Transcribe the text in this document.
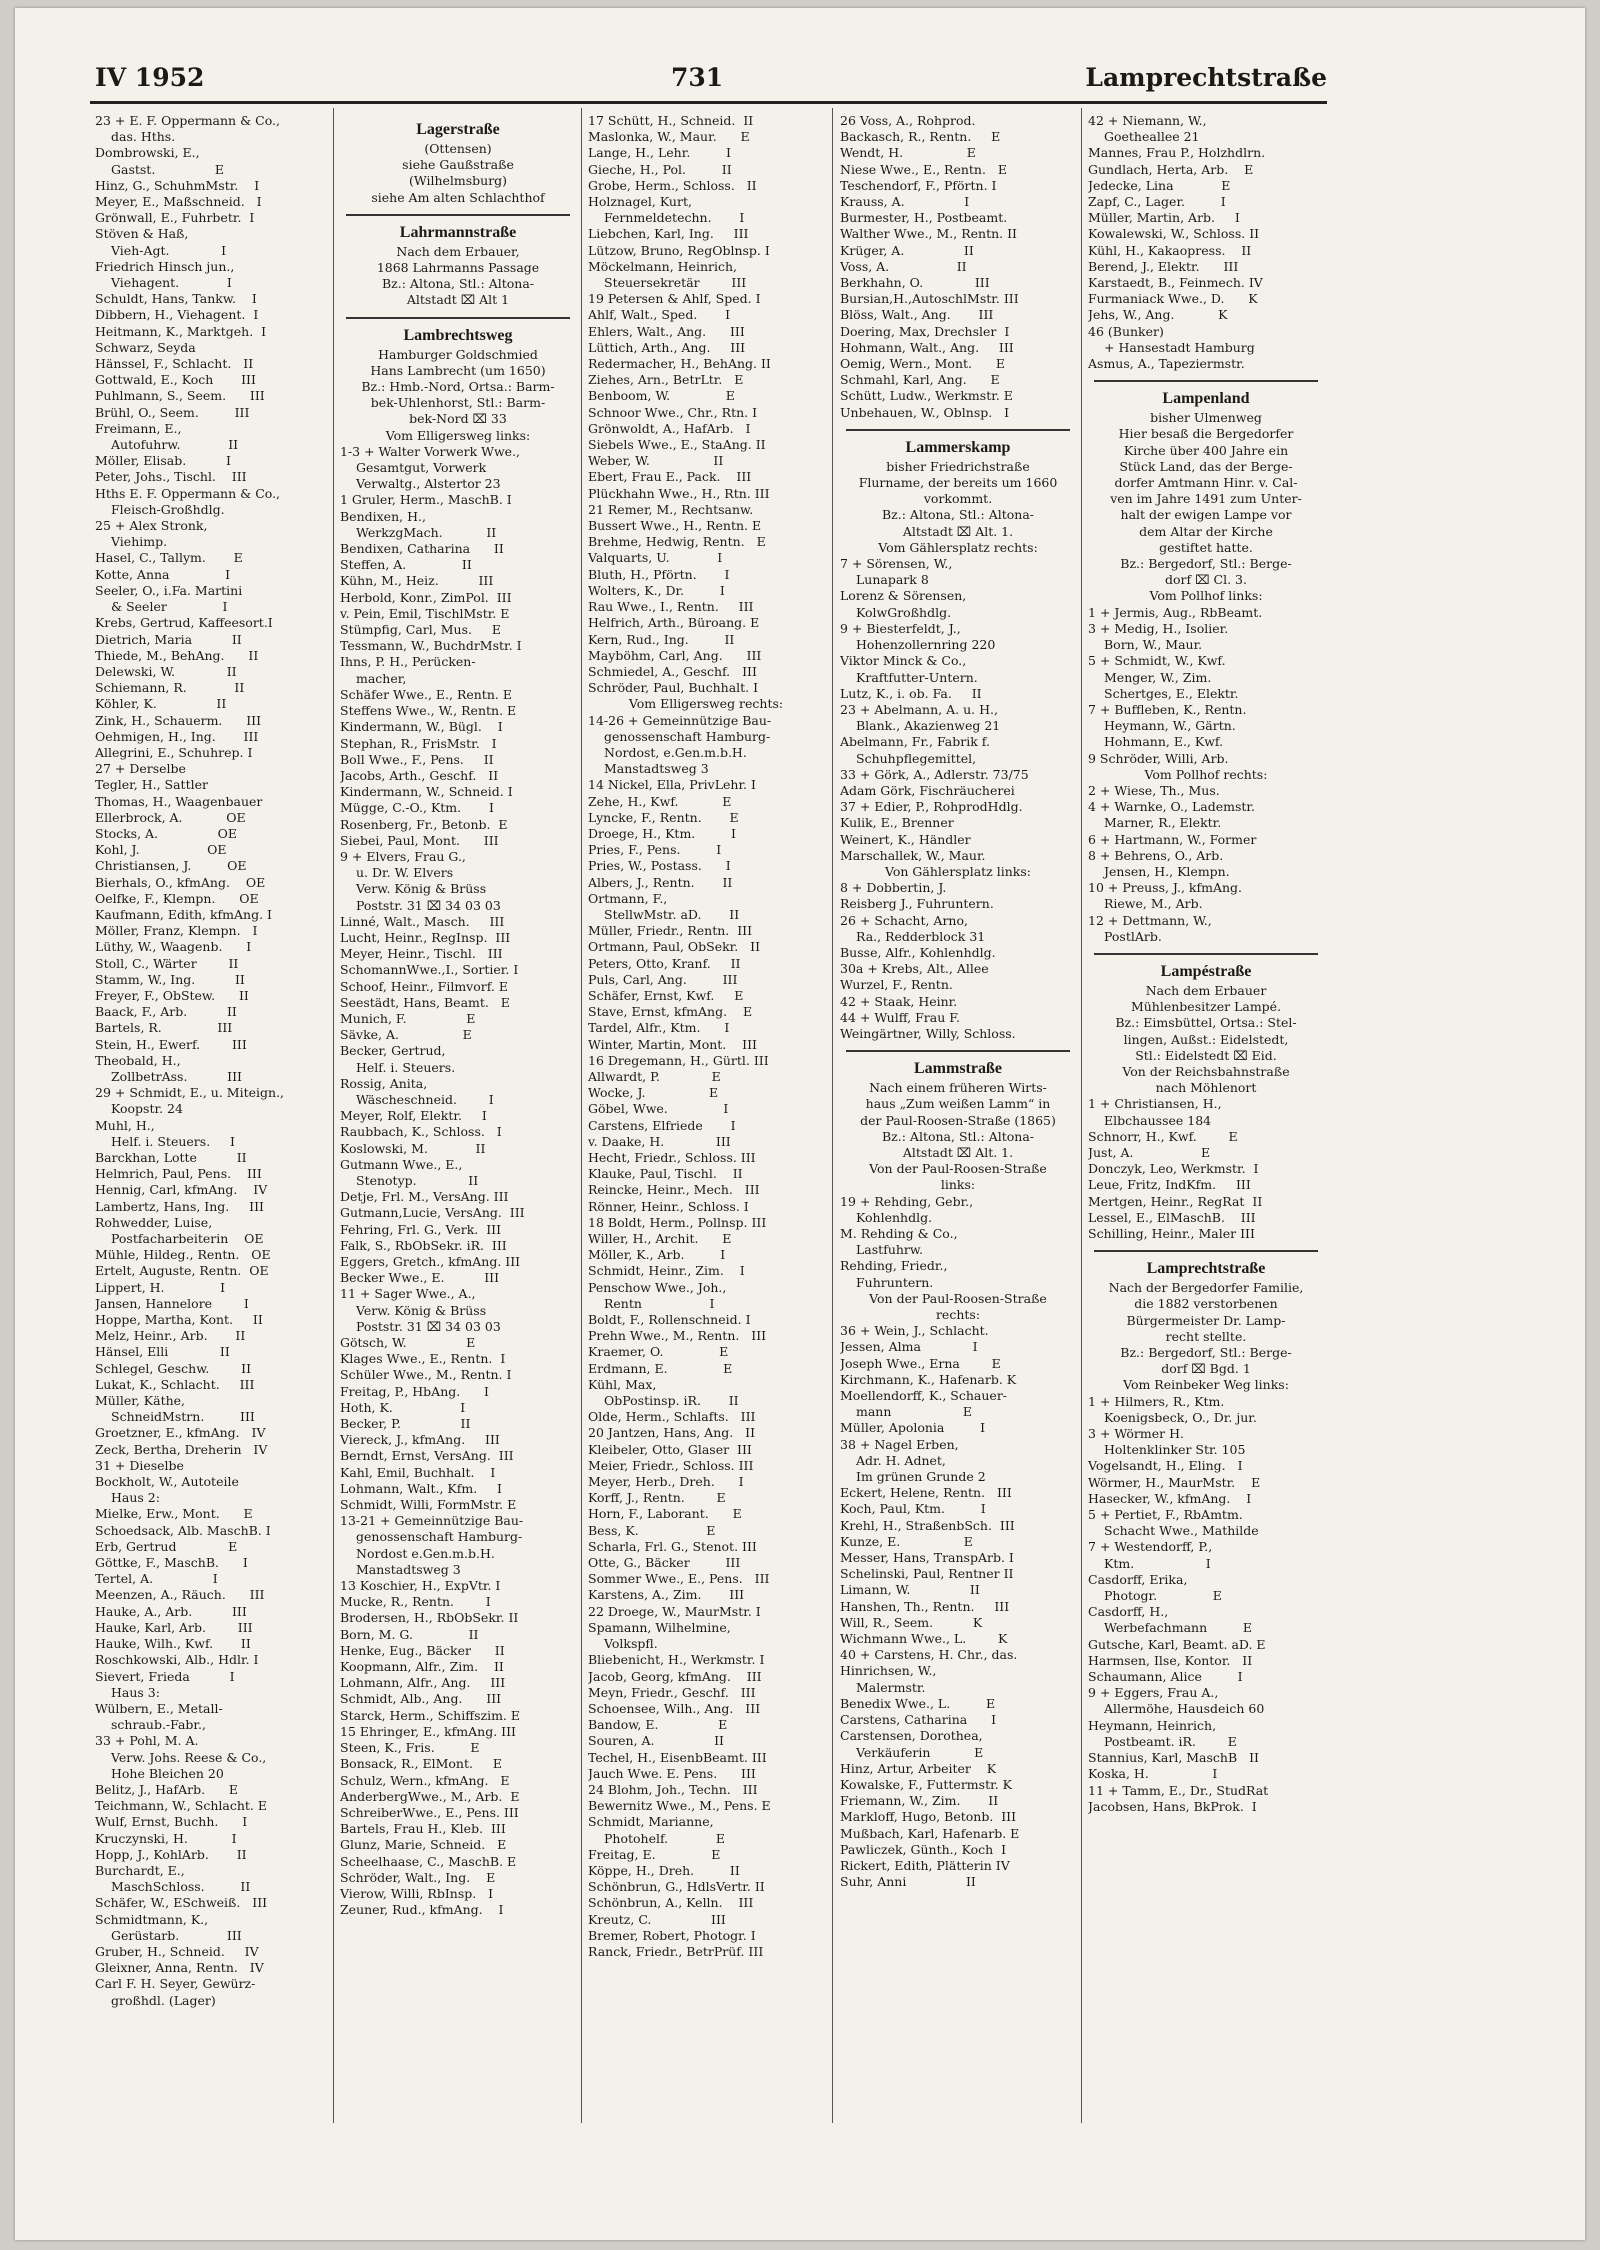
IV 1952	731	Lamprechtstraße
23 + E. F. Oppermann & Co.,
das. Hths.
Dombrowski, E.,
Gastst.               E
Hinz, G., SchuhmMstr.    I
Meyer, E., Maßschneid.   I
Grönwall, E., Fuhrbetr.  I
Stöven & Haß,
Vieh-Agt.             I
Friedrich Hinsch jun.,
Viehagent.            I
Schuldt, Hans, Tankw.    I
Dibbern, H., Viehagent.  I
Heitmann, K., Marktgeh.  I
Schwarz, Seyda
Hänssel, F., Schlacht.   II
Gottwald, E., Koch       III
Puhlmann, S., Seem.      III
Brühl, O., Seem.         III
Freimann, E.,
Autofuhrw.            II
Möller, Elisab.          I
Peter, Johs., Tischl.    III
Hths E. F. Oppermann & Co.,
Fleisch-Großhdlg.
25 + Alex Stronk,
Viehimp.
Hasel, C., Tallym.       E
Kotte, Anna              I
Seeler, O., i.Fa. Martini
& Seeler              I
Krebs, Gertrud, Kaffeesort.I
Dietrich, Maria          II
Thiede, M., BehAng.      II
Delewski, W.             II
Schiemann, R.            II
Köhler, K.               II
Zink, H., Schauerm.      III
Oehmigen, H., Ing.       III
Allegrini, E., Schuhrep. I
27 + Derselbe
Tegler, H., Sattler
Thomas, H., Waagenbauer
Ellerbrock, A.           OE
Stocks, A.               OE
Kohl, J.                 OE
Christiansen, J.         OE
Bierhals, O., kfmAng.    OE
Oelfke, F., Klempn.      OE
Kaufmann, Edith, kfmAng. I
Möller, Franz, Klempn.   I
Lüthy, W., Waagenb.      I
Stoll, C., Wärter        II
Stamm, W., Ing.          II
Freyer, F., ObStew.      II
Baack, F., Arb.          II
Bartels, R.              III
Stein, H., Ewerf.        III
Theobald, H.,
ZollbetrAss.          III
29 + Schmidt, E., u. Miteign.,
Koopstr. 24
Muhl, H.,
Helf. i. Steuers.     I
Barckhan, Lotte          II
Helmrich, Paul, Pens.    III
Hennig, Carl, kfmAng.    IV
Lambertz, Hans, Ing.     III
Rohwedder, Luise,
Postfacharbeiterin    OE
Mühle, Hildeg., Rentn.   OE
Ertelt, Auguste, Rentn.  OE
Lippert, H.              I
Jansen, Hannelore        I
Hoppe, Martha, Kont.     II
Melz, Heinr., Arb.       II
Hänsel, Elli             II
Schlegel, Geschw.        II
Lukat, K., Schlacht.     III
Müller, Käthe,
SchneidMstrn.         III
Groetzner, E., kfmAng.   IV
Zeck, Bertha, Dreherin   IV
31 + Dieselbe
Bockholt, W., Autoteile
Haus 2:
Mielke, Erw., Mont.      E
Schoedsack, Alb. MaschB. I
Erb, Gertrud             E
Göttke, F., MaschB.      I
Tertel, A.               I
Meenzen, A., Räuch.      III
Hauke, A., Arb.          III
Hauke, Karl, Arb.        III
Hauke, Wilh., Kwf.       II
Roschkowski, Alb., Hdlr. I
Sievert, Frieda          I
Haus 3:
Wülbern, E., Metall-
schraub.-Fabr.,
33 + Pohl, M. A.
Verw. Johs. Reese & Co.,
Hohe Bleichen 20
Belitz, J., HafArb.      E
Teichmann, W., Schlacht. E
Wulf, Ernst, Buchh.      I
Kruczynski, H.           I
Hopp, J., KohlArb.       II
Burchardt, E.,
MaschSchloss.         II
Schäfer, W., ESchweiß.   III
Schmidtmann, K.,
Gerüstarb.            III
Gruber, H., Schneid.     IV
Gleixner, Anna, Rentn.   IV
Carl F. H. Seyer, Gewürz-
großhdl. (Lager)
Lagerstraße
(Ottensen)
siehe Gaußstraße
(Wilhelmsburg)
siehe Am alten Schlachthof
Lahrmannstraße
Nach dem Erbauer,
1868 Lahrmanns Passage
Bz.: Altona, Stl.: Altona-
Altstadt ⌧ Alt 1
Lambrechtsweg
Hamburger Goldschmied
Hans Lambrecht (um 1650)
Bz.: Hmb.-Nord, Ortsa.: Barm-
bek-Uhlenhorst, Stl.: Barm-
bek-Nord ⌧ 33
Vom Elligersweg links:
1-3 + Walter Vorwerk Wwe.,
Gesamtgut, Vorwerk
Verwaltg., Alstertor 23
1 Gruler, Herm., MaschB. I
Bendixen, H.,
WerkzgMach.           II
Bendixen, Catharina      II
Steffen, A.              II
Kühn, M., Heiz.          III
Herbold, Konr., ZimPol.  III
v. Pein, Emil, TischlMstr. E
Stümpfig, Carl, Mus.     E
Tessmann, W., BuchdrMstr. I
Ihns, P. H., Perücken-
macher,
Schäfer Wwe., E., Rentn. E
Steffens Wwe., W., Rentn. E
Kindermann, W., Bügl.    I
Stephan, R., FrisMstr.   I
Boll Wwe., F., Pens.     II
Jacobs, Arth., Geschf.   II
Kindermann, W., Schneid. I
Mügge, C.-O., Ktm.       I
Rosenberg, Fr., Betonb.  E
Siebei, Paul, Mont.      III
9 + Elvers, Frau G.,
u. Dr. W. Elvers
Verw. König & Brüss
Poststr. 31 ⌧ 34 03 03
Linné, Walt., Masch.     III
Lucht, Heinr., RegInsp.  III
Meyer, Heinr., Tischl.   III
SchomannWwe.,I., Sortier. I
Schoof, Heinr., Filmvorf. E
Seestädt, Hans, Beamt.   E
Munich, F.               E
Sävke, A.                E
Becker, Gertrud,
Helf. i. Steuers.
Rossig, Anita,
Wäscheschneid.        I
Meyer, Rolf, Elektr.     I
Raubbach, K., Schloss.   I
Koslowski, M.            II
Gutmann Wwe., E.,
Stenotyp.             II
Detje, Frl. M., VersAng. III
Gutmann,Lucie, VersAng.  III
Fehring, Frl. G., Verk.  III
Falk, S., RbObSekr. iR.  III
Eggers, Gretch., kfmAng. III
Becker Wwe., E.          III
11 + Sager Wwe., A.,
Verw. König & Brüss
Poststr. 31 ⌧ 34 03 03
Götsch, W.               E
Klages Wwe., E., Rentn.  I
Schüler Wwe., M., Rentn. I
Freitag, P., HbAng.      I
Hoth, K.                 I
Becker, P.               II
Viereck, J., kfmAng.     III
Berndt, Ernst, VersAng.  III
Kahl, Emil, Buchhalt.    I
Lohmann, Walt., Kfm.     I
Schmidt, Willi, FormMstr. E
13-21 + Gemeinnützige Bau-
genossenschaft Hamburg-
Nordost e.Gen.m.b.H.
Manstadtsweg 3
13 Koschier, H., ExpVtr. I
Mucke, R., Rentn.        I
Brodersen, H., RbObSekr. II
Born, M. G.              II
Henke, Eug., Bäcker      II
Koopmann, Alfr., Zim.    II
Lohmann, Alfr., Ang.     III
Schmidt, Alb., Ang.      III
Starck, Herm., Schiffszim. E
15 Ehringer, E., kfmAng. III
Steen, K., Fris.         E
Bonsack, R., ElMont.     E
Schulz, Wern., kfmAng.   E
AnderbergWwe., M., Arb.  E
SchreiberWwe., E., Pens. III
Bartels, Frau H., Kleb.  III
Glunz, Marie, Schneid.   E
Scheelhaase, C., MaschB. E
Schröder, Walt., Ing.    E
Vierow, Willi, RbInsp.   I
Zeuner, Rud., kfmAng.    I
17 Schütt, H., Schneid.  II
Maslonka, W., Maur.      E
Lange, H., Lehr.         I
Gieche, H., Pol.         II
Grobe, Herm., Schloss.   II
Holznagel, Kurt,
Fernmeldetechn.       I
Liebchen, Karl, Ing.     III
Lützow, Bruno, RegOblnsp. I
Möckelmann, Heinrich,
Steuersekretär        III
19 Petersen & Ahlf, Sped. I
Ahlf, Walt., Sped.       I
Ehlers, Walt., Ang.      III
Lüttich, Arth., Ang.     III
Redermacher, H., BehAng. II
Ziehes, Arn., BetrLtr.   E
Benboom, W.              E
Schnoor Wwe., Chr., Rtn. I
Grönwoldt, A., HafArb.   I
Siebels Wwe., E., StaAng. II
Weber, W.                II
Ebert, Frau E., Pack.    III
Plückhahn Wwe., H., Rtn. III
21 Remer, M., Rechtsanw.
Bussert Wwe., H., Rentn. E
Brehme, Hedwig, Rentn.   E
Valquarts, U.            I
Bluth, H., Pförtn.       I
Wolters, K., Dr.         I
Rau Wwe., I., Rentn.     III
Helfrich, Arth., Büroang. E
Kern, Rud., Ing.         II
Mayböhm, Carl, Ang.      III
Schmiedel, A., Geschf.   III
Schröder, Paul, Buchhalt. I
Vom Elligersweg rechts:
14-26 + Gemeinnützige Bau-
genossenschaft Hamburg-
Nordost, e.Gen.m.b.H.
Manstadtsweg 3
14 Nickel, Ella, PrivLehr. I
Zehe, H., Kwf.           E
Lyncke, F., Rentn.       E
Droege, H., Ktm.         I
Pries, F., Pens.         I
Pries, W., Postass.      I
Albers, J., Rentn.       II
Ortmann, F.,
StellwMstr. aD.       II
Müller, Friedr., Rentn.  III
Ortmann, Paul, ObSekr.   II
Peters, Otto, Kranf.     II
Puls, Carl, Ang.         III
Schäfer, Ernst, Kwf.     E
Stave, Ernst, kfmAng.    E
Tardel, Alfr., Ktm.      I
Winter, Martin, Mont.    III
16 Dregemann, H., Gürtl. III
Allwardt, P.             E
Wocke, J.                E
Göbel, Wwe.              I
Carstens, Elfriede       I
v. Daake, H.             III
Hecht, Friedr., Schloss. III
Klauke, Paul, Tischl.    II
Reincke, Heinr., Mech.   III
Rönner, Heinr., Schloss. I
18 Boldt, Herm., Pollnsp. III
Willer, H., Archit.      E
Möller, K., Arb.         I
Schmidt, Heinr., Zim.    I
Penschow Wwe., Joh.,
Rentn                 I
Boldt, F., Rollenschneid. I
Prehn Wwe., M., Rentn.   III
Kraemer, O.              E
Erdmann, E.              E
Kühl, Max,
ObPostinsp. iR.       II
Olde, Herm., Schlafts.   III
20 Jantzen, Hans, Ang.   II
Kleibeler, Otto, Glaser  III
Meier, Friedr., Schloss. III
Meyer, Herb., Dreh.      I
Korff, J., Rentn.        E
Horn, F., Laborant.      E
Bess, K.                 E
Scharla, Frl. G., Stenot. III
Otte, G., Bäcker         III
Sommer Wwe., E., Pens.   III
Karstens, A., Zim.       III
22 Droege, W., MaurMstr. I
Spamann, Wilhelmine,
Volkspfl.
Bliebenicht, H., Werkmstr. I
Jacob, Georg, kfmAng.    III
Meyn, Friedr., Geschf.   III
Schoensee, Wilh., Ang.   III
Bandow, E.               E
Souren, A.               II
Techel, H., EisenbBeamt. III
Jauch Wwe. E. Pens.      III
24 Blohm, Joh., Techn.   III
Bewernitz Wwe., M., Pens. E
Schmidt, Marianne,
Photohelf.            E
Freitag, E.              E
Köppe, H., Dreh.         II
Schönbrun, G., HdlsVertr. II
Schönbrun, A., Kelln.    III
Kreutz, C.               III
Bremer, Robert, Photogr. I
Ranck, Friedr., BetrPrüf. III
26 Voss, A., Rohprod.
Backasch, R., Rentn.     E
Wendt, H.                E
Niese Wwe., E., Rentn.   E
Teschendorf, F., Pförtn. I
Krauss, A.               I
Burmester, H., Postbeamt.
Walther Wwe., M., Rentn. II
Krüger, A.               II
Voss, A.                 II
Berkhahn, O.             III
Bursian,H.,AutoschlMstr. III
Blöss, Walt., Ang.       III
Doering, Max, Drechsler  I
Hohmann, Walt., Ang.     III
Oemig, Wern., Mont.      E
Schmahl, Karl, Ang.      E
Schütt, Ludw., Werkmstr. E
Unbehauen, W., Oblnsp.   I
Lammerskamp
bisher Friedrichstraße
Flurname, der bereits um 1660
vorkommt.
Bz.: Altona, Stl.: Altona-
Altstadt ⌧ Alt. 1.
Vom Gählersplatz rechts:
7 + Sörensen, W.,
Lunapark 8
Lorenz & Sörensen,
KolwGroßhdlg.
9 + Biesterfeldt, J.,
Hohenzollernring 220
Viktor Minck & Co.,
Kraftfutter-Untern.
Lutz, K., i. ob. Fa.     II
23 + Abelmann, A. u. H.,
Blank., Akazienweg 21
Abelmann, Fr., Fabrik f.
Schuhpflegemittel,
33 + Görk, A., Adlerstr. 73/75
Adam Görk, Fischräucherei
37 + Edier, P., RohprodHdlg.
Kulik, E., Brenner
Weinert, K., Händler
Marschallek, W., Maur.
Von Gählersplatz links:
8 + Dobbertin, J.
Reisberg J., Fuhruntern.
26 + Schacht, Arno,
Ra., Redderblock 31
Busse, Alfr., Kohlenhdlg.
30a + Krebs, Alt., Allee
Wurzel, F., Rentn.
42 + Staak, Heinr.
44 + Wulff, Frau F.
Weingärtner, Willy, Schloss.
Lammstraße
Nach einem früheren Wirts-
haus „Zum weißen Lamm“ in
der Paul-Roosen-Straße (1865)
Bz.: Altona, Stl.: Altona-
Altstadt ⌧ Alt. 1.
Von der Paul-Roosen-Straße
links:
19 + Rehding, Gebr.,
Kohlenhdlg.
M. Rehding & Co.,
Lastfuhrw.
Rehding, Friedr.,
Fuhruntern.
Von der Paul-Roosen-Straße
rechts:
36 + Wein, J., Schlacht.
Jessen, Alma             I
Joseph Wwe., Erna        E
Kirchmann, K., Hafenarb. K
Moellendorff, K., Schauer-
mann                  E
Müller, Apolonia         I
38 + Nagel Erben,
Adr. H. Adnet,
Im grünen Grunde 2
Eckert, Helene, Rentn.   III
Koch, Paul, Ktm.         I
Krehl, H., StraßenbSch.  III
Kunze, E.                E
Messer, Hans, TranspArb. I
Schelinski, Paul, Rentner II
Limann, W.               II
Hanshen, Th., Rentn.     III
Will, R., Seem.          K
Wichmann Wwe., L.        K
40 + Carstens, H. Chr., das.
Hinrichsen, W.,
Malermstr.
Benedix Wwe., L.         E
Carstens, Catharina      I
Carstensen, Dorothea,
Verkäuferin           E
Hinz, Artur, Arbeiter    K
Kowalske, F., Futtermstr. K
Friemann, W., Zim.       II
Markloff, Hugo, Betonb.  III
Mußbach, Karl, Hafenarb. E
Pawliczek, Günth., Koch  I
Rickert, Edith, Plätterin IV
Suhr, Anni               II
42 + Niemann, W.,
Goetheallee 21
Mannes, Frau P., Holzhdlrn.
Gundlach, Herta, Arb.    E
Jedecke, Lina            E
Zapf, C., Lager.         I
Müller, Martin, Arb.     I
Kowalewski, W., Schloss. II
Kühl, H., Kakaopress.    II
Berend, J., Elektr.      III
Karstaedt, B., Feinmech. IV
Furmaniack Wwe., D.      K
Jehs, W., Ang.           K
46 (Bunker)
+ Hansestadt Hamburg
Asmus, A., Tapeziermstr.
Lampenland
bisher Ulmenweg
Hier besaß die Bergedorfer
Kirche über 400 Jahre ein
Stück Land, das der Berge-
dorfer Amtmann Hinr. v. Cal-
ven im Jahre 1491 zum Unter-
halt der ewigen Lampe vor
dem Altar der Kirche
gestiftet hatte.
Bz.: Bergedorf, Stl.: Berge-
dorf ⌧ Cl. 3.
Vom Pollhof links:
1 + Jermis, Aug., RbBeamt.
3 + Medig, H., Isolier.
Born, W., Maur.
5 + Schmidt, W., Kwf.
Menger, W., Zim.
Schertges, E., Elektr.
7 + Buffleben, K., Rentn.
Heymann, W., Gärtn.
Hohmann, E., Kwf.
9 Schröder, Willi, Arb.
Vom Pollhof rechts:
2 + Wiese, Th., Mus.
4 + Warnke, O., Lademstr.
Marner, R., Elektr.
6 + Hartmann, W., Former
8 + Behrens, O., Arb.
Jensen, H., Klempn.
10 + Preuss, J., kfmAng.
Riewe, M., Arb.
12 + Dettmann, W.,
PostlArb.
Lampéstraße
Nach dem Erbauer
Mühlenbesitzer Lampé.
Bz.: Eimsbüttel, Ortsa.: Stel-
lingen, Außst.: Eidelstedt,
Stl.: Eidelstedt ⌧ Eid.
Von der Reichsbahnstraße
nach Möhlenort
1 + Christiansen, H.,
Elbchaussee 184
Schnorr, H., Kwf.        E
Just, A.                 E
Donczyk, Leo, Werkmstr.  I
Leue, Fritz, IndKfm.     III
Mertgen, Heinr., RegRat  II
Lessel, E., ElMaschB.    III
Schilling, Heinr., Maler III
Lamprechtstraße
Nach der Bergedorfer Familie,
die 1882 verstorbenen
Bürgermeister Dr. Lamp-
recht stellte.
Bz.: Bergedorf, Stl.: Berge-
dorf ⌧ Bgd. 1
Vom Reinbeker Weg links:
1 + Hilmers, R., Ktm.
Koenigsbeck, O., Dr. jur.
3 + Wörmer H.
Holtenklinker Str. 105
Vogelsandt, H., Eling.   I
Wörmer, H., MaurMstr.    E
Hasecker, W., kfmAng.    I
5 + Pertiet, F., RbAmtm.
Schacht Wwe., Mathilde
7 + Westendorff, P.,
Ktm.                  I
Casdorff, Erika,
Photogr.              E
Casdorff, H.,
Werbefachmann         E
Gutsche, Karl, Beamt. aD. E
Harmsen, Ilse, Kontor.   II
Schaumann, Alice         I
9 + Eggers, Frau A.,
Allermöhe, Hausdeich 60
Heymann, Heinrich,
Postbeamt. iR.        E
Stannius, Karl, MaschB   II
Koska, H.                I
11 + Tamm, E., Dr., StudRat
Jacobsen, Hans, BkProk.  I
